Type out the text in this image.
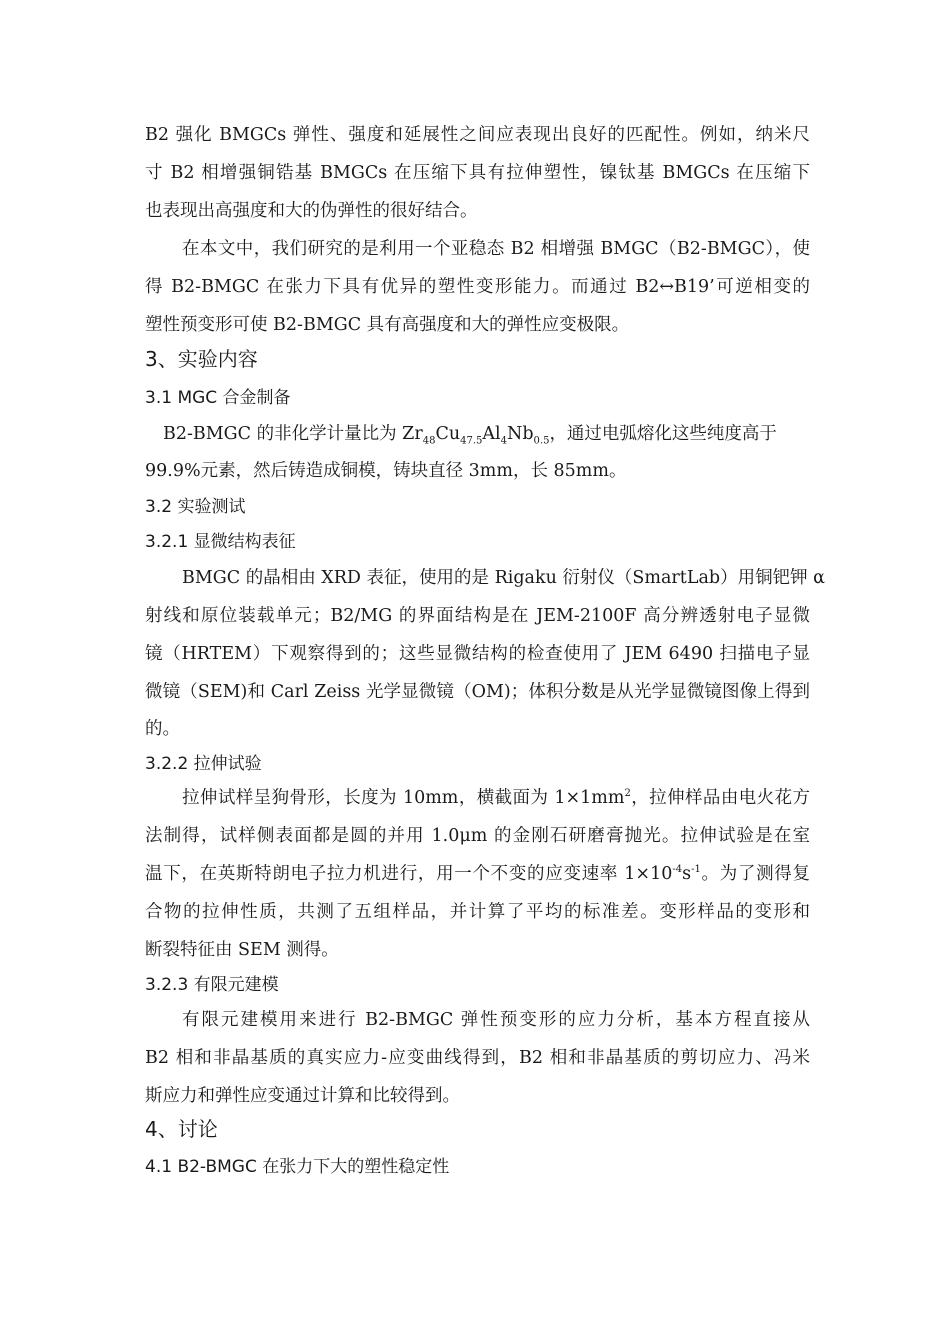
B2 强化 BMGCs 弹性、强度和延展性之间应表现出良好的匹配性。例如，纳米尺
寸 B2 相增强铜锆基 BMGCs 在压缩下具有拉伸塑性，镍钛基 BMGCs 在压缩下
也表现出高强度和大的伪弹性的很好结合。
在本文中，我们研究的是利用一个亚稳态 B2 相增强 BMGC（B2-BMGC），使
得 B2-BMGC 在张力下具有优异的塑性变形能力。而通过 B2↔B19’可逆相变的
塑性预变形可使 B2-BMGC 具有高强度和大的弹性应变极限。
3、实验内容
3.1 MGC 合金制备
B2-BMGC 的非化学计量比为 $Zr_{48}Cu_{47.5}Al_4Nb_{0.5}$，通过电弧熔化这些纯度高于
99.9%元素，然后铸造成铜模，铸块直径 3mm，长 85mm。
3.2 实验测试
3.2.1 显微结构表征
BMGC 的晶相由 XRD 表征，使用的是 Rigaku 衍射仪（SmartLab）用铜钯钾 α
射线和原位装载单元；B2/MG 的界面结构是在 JEM-2100F 高分辨透射电子显微
镜（HRTEM）下观察得到的；这些显微结构的检查使用了 JEM 6490 扫描电子显
微镜（SEM)和 Carl Zeiss 光学显微镜（OM)；体积分数是从光学显微镜图像上得到
的。
3.2.2 拉伸试验
拉伸试样呈狗骨形，长度为 10mm，横截面为 $1\times 1mm^2$，拉伸样品由电火花方
法制得，试样侧表面都是圆的并用 1.0μm 的金刚石研磨膏抛光。拉伸试验是在室
温下，在英斯特朗电子拉力机进行，用一个不变的应变速率 $1\times 10^{-4}s^{-1}$。为了测得复
合物的拉伸性质，共测了五组样品，并计算了平均的标准差。变形样品的变形和
断裂特征由 SEM 测得。
3.2.3 有限元建模
有限元建模用来进行 B2-BMGC 弹性预变形的应力分析，基本方程直接从
B2 相和非晶基质的真实应力-应变曲线得到，B2 相和非晶基质的剪切应力、冯米
斯应力和弹性应变通过计算和比较得到。
4、讨论
4.1 B2-BMGC 在张力下大的塑性稳定性
